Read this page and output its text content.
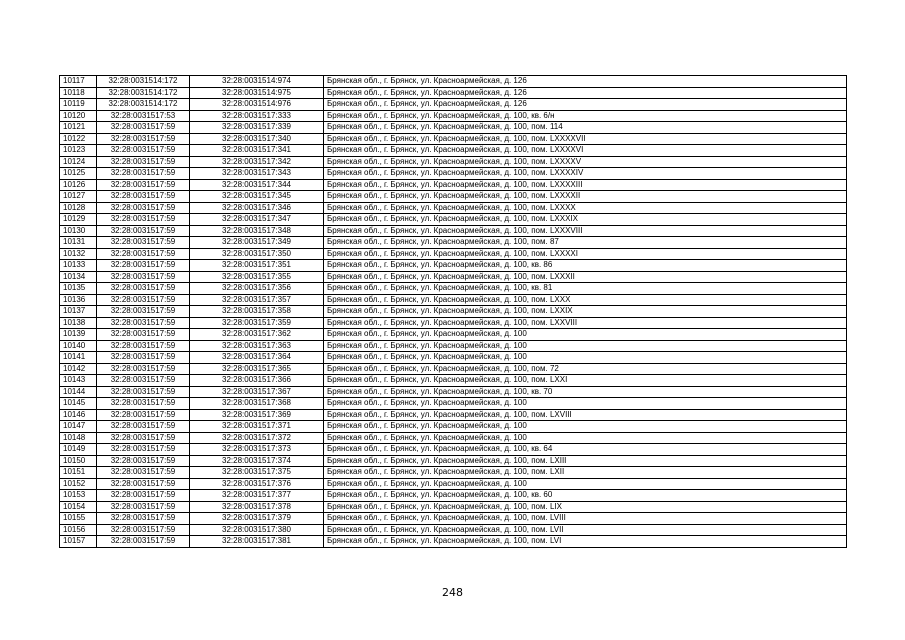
10117	32:28:0031514:172	32:28:0031514:974	Брянская обл., г. Брянск, ул. Красноармейская, д. 126
10118	32:28:0031514:172	32:28:0031514:975	Брянская обл., г. Брянск, ул. Красноармейская, д. 126
10119	32:28:0031514:172	32:28:0031514:976	Брянская обл., г. Брянск, ул. Красноармейская, д. 126
10120	32:28:0031517:53	32:28:0031517:333	Брянская обл., г. Брянск, ул. Красноармейская, д. 100, кв. 6/н
10121	32:28:0031517:59	32:28:0031517:339	Брянская обл., г. Брянск, ул. Красноармейская, д. 100, пом. 114
10122	32:28:0031517:59	32:28:0031517:340	Брянская обл., г. Брянск, ул. Красноармейская, д. 100, пом. LXXXXVII
10123	32:28:0031517:59	32:28:0031517:341	Брянская обл., г. Брянск, ул. Красноармейская, д. 100, пом. LXXXXVI
10124	32:28:0031517:59	32:28:0031517:342	Брянская обл., г. Брянск, ул. Красноармейская, д. 100, пом. LXXXXV
10125	32:28:0031517:59	32:28:0031517:343	Брянская обл., г. Брянск, ул. Красноармейская, д. 100, пом. LXXXXIV
10126	32:28:0031517:59	32:28:0031517:344	Брянская обл., г. Брянск, ул. Красноармейская, д. 100, пом. LXXXXIII
10127	32:28:0031517:59	32:28:0031517:345	Брянская обл., г. Брянск, ул. Красноармейская, д. 100, пом. LXXXXII
10128	32:28:0031517:59	32:28:0031517:346	Брянская обл., г. Брянск, ул. Красноармейская, д. 100, пом. LXXXX
10129	32:28:0031517:59	32:28:0031517:347	Брянская обл., г. Брянск, ул. Красноармейская, д. 100, пом. LXXXIX
10130	32:28:0031517:59	32:28:0031517:348	Брянская обл., г. Брянск, ул. Красноармейская, д. 100, пом. LXXXVIII
10131	32:28:0031517:59	32:28:0031517:349	Брянская обл., г. Брянск, ул. Красноармейская, д. 100, пом. 87
10132	32:28:0031517:59	32:28:0031517:350	Брянская обл., г. Брянск, ул. Красноармейская, д. 100, пом. LXXXXI
10133	32:28:0031517:59	32:28:0031517:351	Брянская обл., г. Брянск, ул. Красноармейская, д. 100, кв. 86
10134	32:28:0031517:59	32:28:0031517:355	Брянская обл., г. Брянск, ул. Красноармейская, д. 100, пом. LXXXII
10135	32:28:0031517:59	32:28:0031517:356	Брянская обл., г. Брянск, ул. Красноармейская, д. 100, кв. 81
10136	32:28:0031517:59	32:28:0031517:357	Брянская обл., г. Брянск, ул. Красноармейская, д. 100, пом. LXXX
10137	32:28:0031517:59	32:28:0031517:358	Брянская обл., г. Брянск, ул. Красноармейская, д. 100, пом. LXXIX
10138	32:28:0031517:59	32:28:0031517:359	Брянская обл., г. Брянск, ул. Красноармейская, д. 100, пом. LXXVIII
10139	32:28:0031517:59	32:28:0031517:362	Брянская обл., г. Брянск, ул. Красноармейская, д. 100
10140	32:28:0031517:59	32:28:0031517:363	Брянская обл., г. Брянск, ул. Красноармейская, д. 100
10141	32:28:0031517:59	32:28:0031517:364	Брянская обл., г. Брянск, ул. Красноармейская, д. 100
10142	32:28:0031517:59	32:28:0031517:365	Брянская обл., г. Брянск, ул. Красноармейская, д. 100, пом. 72
10143	32:28:0031517:59	32:28:0031517:366	Брянская обл., г. Брянск, ул. Красноармейская, д. 100, пом. LXXI
10144	32:28:0031517:59	32:28:0031517:367	Брянская обл., г. Брянск, ул. Красноармейская, д. 100, кв. 70
10145	32:28:0031517:59	32:28:0031517:368	Брянская обл., г. Брянск, ул. Красноармейская, д. 100
10146	32:28:0031517:59	32:28:0031517:369	Брянская обл., г. Брянск, ул. Красноармейская, д. 100, пом. LXVIII
10147	32:28:0031517:59	32:28:0031517:371	Брянская обл., г. Брянск, ул. Красноармейская, д. 100
10148	32:28:0031517:59	32:28:0031517:372	Брянская обл., г. Брянск, ул. Красноармейская, д. 100
10149	32:28:0031517:59	32:28:0031517:373	Брянская обл., г. Брянск, ул. Красноармейская, д. 100, кв. 64
10150	32:28:0031517:59	32:28:0031517:374	Брянская обл., г. Брянск, ул. Красноармейская, д. 100, пом. LXIII
10151	32:28:0031517:59	32:28:0031517:375	Брянская обл., г. Брянск, ул. Красноармейская, д. 100, пом. LXII
10152	32:28:0031517:59	32:28:0031517:376	Брянская обл., г. Брянск, ул. Красноармейская, д. 100
10153	32:28:0031517:59	32:28:0031517:377	Брянская обл., г. Брянск, ул. Красноармейская, д. 100, кв. 60
10154	32:28:0031517:59	32:28:0031517:378	Брянская обл., г. Брянск, ул. Красноармейская, д. 100, пом. LIX
10155	32:28:0031517:59	32:28:0031517:379	Брянская обл., г. Брянск, ул. Красноармейская, д. 100, пом. LVIII
10156	32:28:0031517:59	32:28:0031517:380	Брянская обл., г. Брянск, ул. Красноармейская, д. 100, пом. LVII
10157	32:28:0031517:59	32:28:0031517:381	Брянская обл., г. Брянск, ул. Красноармейская, д. 100, пом. LVI
248
